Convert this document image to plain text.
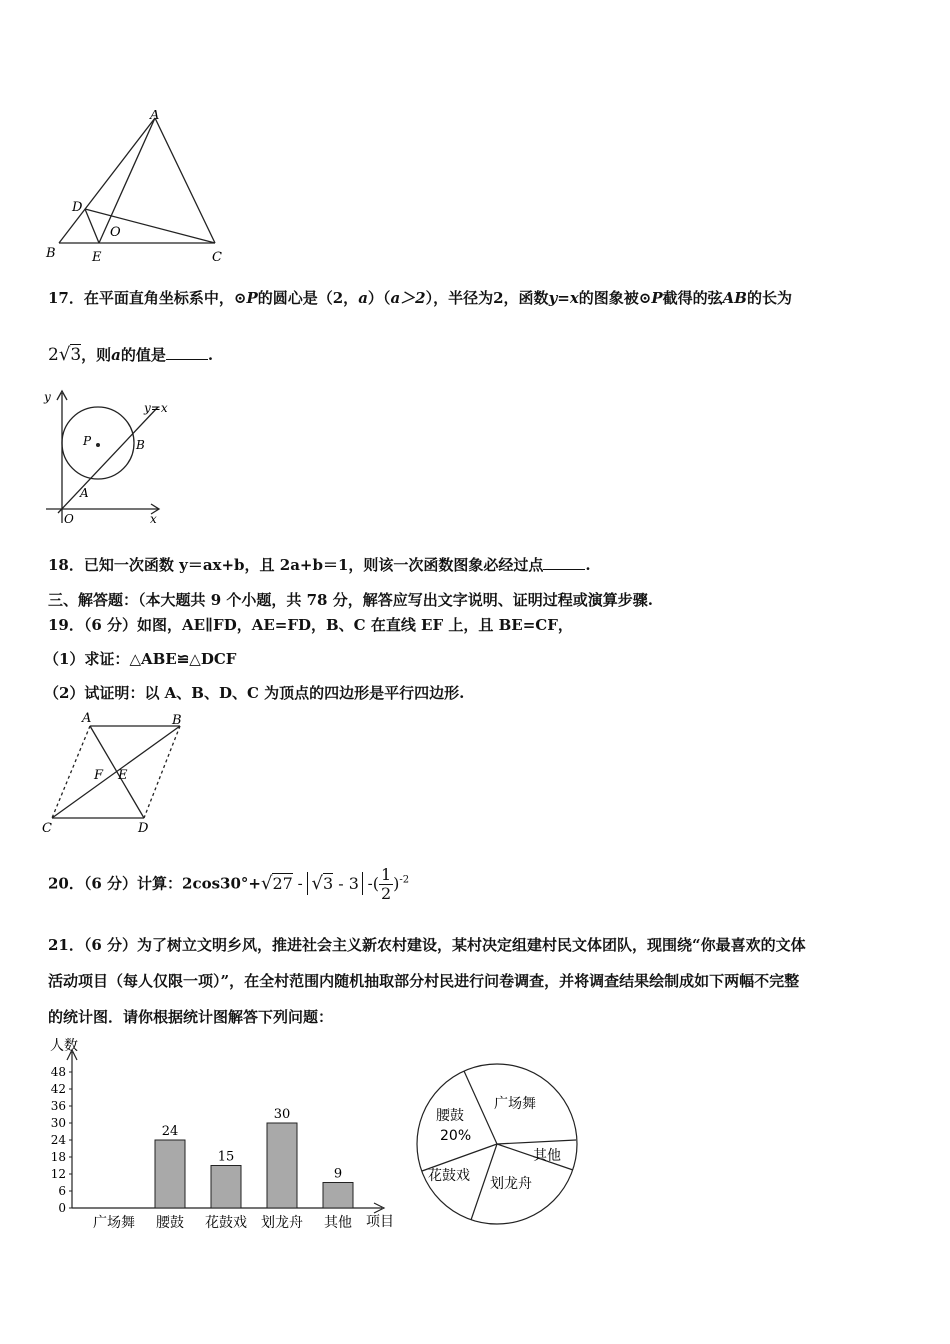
A
D
O
B	E	C
17．在平面直角坐标系中，⊙P的圆心是（2，a）（a＞2），半径为2，函数y=x的图象被⊙P截得的弦AB的长为
2√3，则a的值是	.
y
y=x
P	B
A
O	x
18．已知一次函数 y＝ax+b，且 2a+b＝1，则该一次函数图象必经过点	.
三、解答题：（本大题共 9 个小题，共 78 分，解答应写出文字说明、证明过程或演算步骤.
19．（6 分）如图，AE∥FD，AE=FD，B、C 在直线 EF 上，且 BE=CF，
（1）求证：△ABE≌△DCF
（2）试证明：以 A、B、D、C 为顶点的四边形是平行四边形.
A	B
F E
C	D
20．（6 分）计算：2cos30°+√27 - √3 - 3 -( $\frac{1}{2} )^{-2}$
21．（6 分）为了树立文明乡风，推进社会主义新农村建设，某村决定组建村民文体团队，现围绕“你最喜欢的文体
活动项目（每人仅限一项）”，在全村范围内随机抽取部分村民进行问卷调查，并将调查结果绘制成如下两幅不完整
的统计图．请你根据统计图解答下列问题：
人数
项目
0
6
12
18
24
30
36
42
48
24
15
30
9
广场舞 腰鼓 花鼓戏 划龙舟 其他
广场舞
腰鼓
20%
花鼓戏 划龙舟
其他
